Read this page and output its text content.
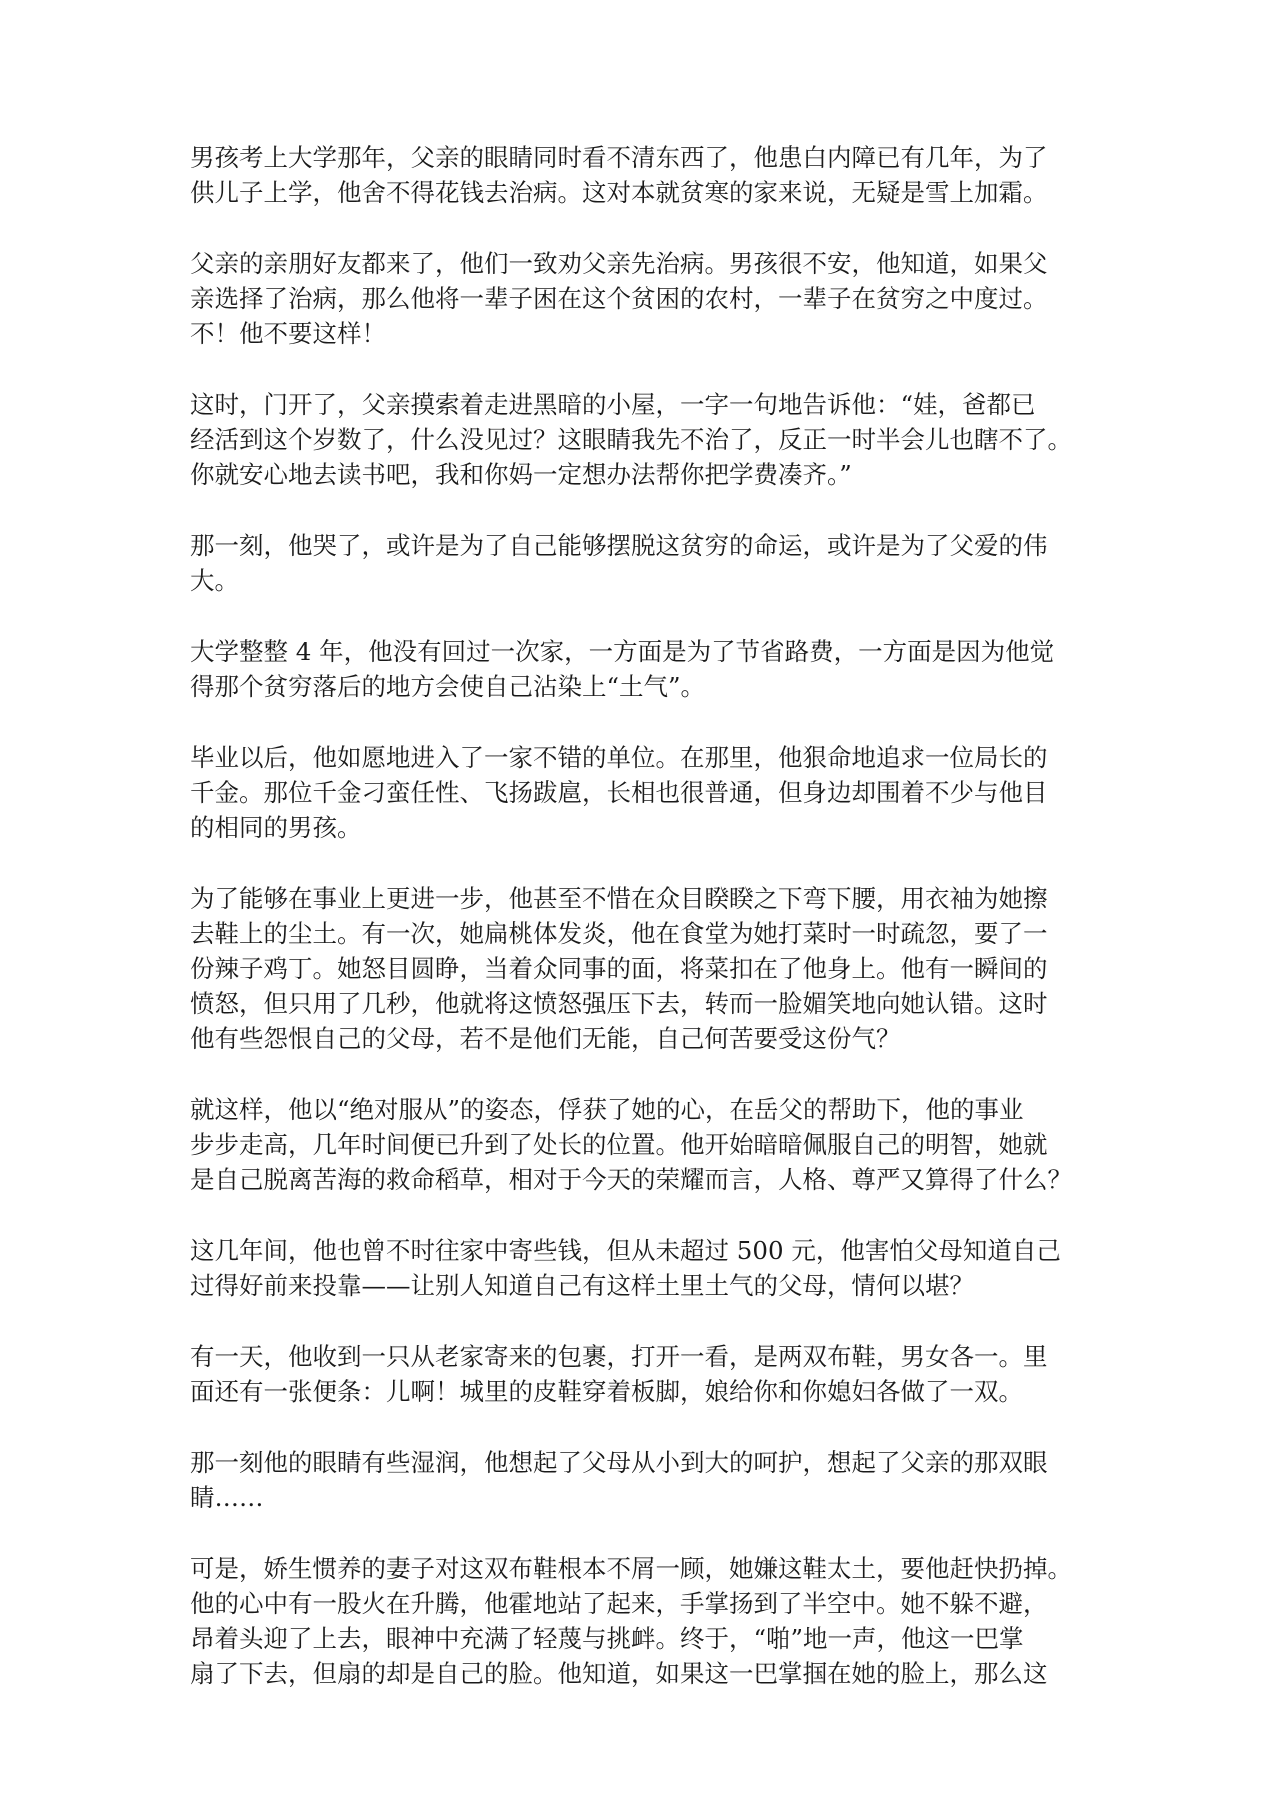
男孩考上大学那年，父亲的眼睛同时看不清东西了，他患白内障已有几年，为了
供儿子上学，他舍不得花钱去治病。这对本就贫寒的家来说，无疑是雪上加霜。

父亲的亲朋好友都来了，他们一致劝父亲先治病。男孩很不安，他知道，如果父
亲选择了治病，那么他将一辈子困在这个贫困的农村，一辈子在贫穷之中度过。
不！他不要这样！

这时，门开了，父亲摸索着走进黑暗的小屋，一字一句地告诉他：“娃，爸都已
经活到这个岁数了，什么没见过？这眼睛我先不治了，反正一时半会儿也瞎不了。
你就安心地去读书吧，我和你妈一定想办法帮你把学费凑齐。”

那一刻，他哭了，或许是为了自己能够摆脱这贫穷的命运，或许是为了父爱的伟
大。

大学整整 4 年，他没有回过一次家，一方面是为了节省路费，一方面是因为他觉
得那个贫穷落后的地方会使自己沾染上“土气”。

毕业以后，他如愿地进入了一家不错的单位。在那里，他狠命地追求一位局长的
千金。那位千金刁蛮任性、飞扬跋扈，长相也很普通，但身边却围着不少与他目
的相同的男孩。

为了能够在事业上更进一步，他甚至不惜在众目睽睽之下弯下腰，用衣袖为她擦
去鞋上的尘土。有一次，她扁桃体发炎，他在食堂为她打菜时一时疏忽，要了一
份辣子鸡丁。她怒目圆睁，当着众同事的面，将菜扣在了他身上。他有一瞬间的
愤怒，但只用了几秒，他就将这愤怒强压下去，转而一脸媚笑地向她认错。这时
他有些怨恨自己的父母，若不是他们无能，自己何苦要受这份气？

就这样，他以“绝对服从”的姿态，俘获了她的心，在岳父的帮助下，他的事业
步步走高，几年时间便已升到了处长的位置。他开始暗暗佩服自己的明智，她就
是自己脱离苦海的救命稻草，相对于今天的荣耀而言，人格、尊严又算得了什么？

这几年间，他也曾不时往家中寄些钱，但从未超过 500 元，他害怕父母知道自己
过得好前来投靠——让别人知道自己有这样土里土气的父母，情何以堪？

有一天，他收到一只从老家寄来的包裹，打开一看，是两双布鞋，男女各一。里
面还有一张便条：儿啊！城里的皮鞋穿着板脚，娘给你和你媳妇各做了一双。

那一刻他的眼睛有些湿润，他想起了父母从小到大的呵护，想起了父亲的那双眼
睛……

可是，娇生惯养的妻子对这双布鞋根本不屑一顾，她嫌这鞋太土，要他赶快扔掉。
他的心中有一股火在升腾，他霍地站了起来，手掌扬到了半空中。她不躲不避，
昂着头迎了上去，眼神中充满了轻蔑与挑衅。终于，“啪”地一声，他这一巴掌
扇了下去，但扇的却是自己的脸。他知道，如果这一巴掌掴在她的脸上，那么这
